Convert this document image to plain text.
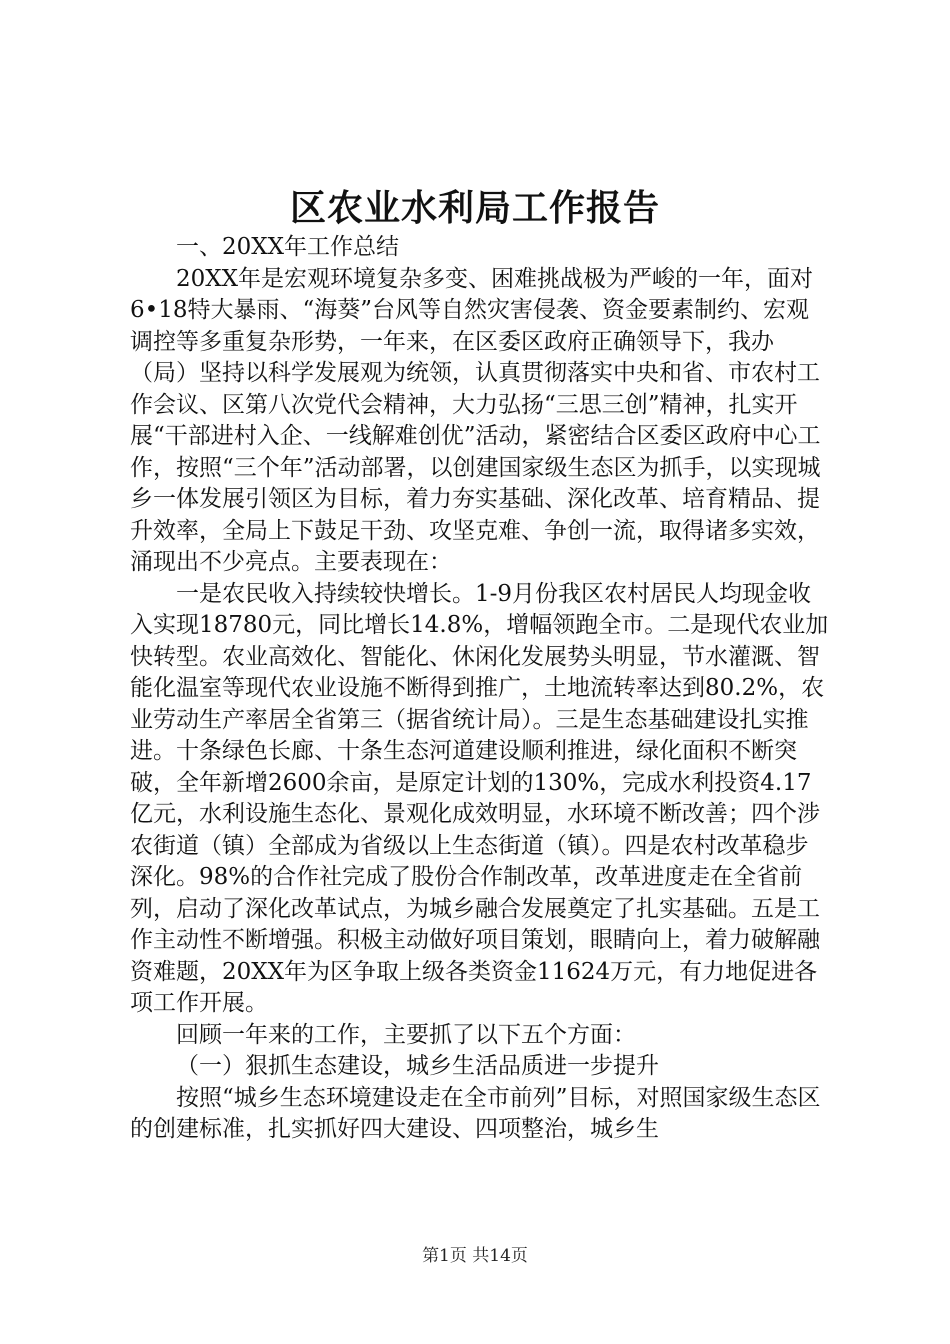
区农业水利局工作报告

一、20XX年工作总结

20XX年是宏观环境复杂多变、困难挑战极为严峻的一年，面对6•18特大暴雨、“海葵”台风等自然灾害侵袭、资金要素制约、宏观调控等多重复杂形势，一年来，在区委区政府正确领导下，我办（局）坚持以科学发展观为统领，认真贯彻落实中央和省、市农村工作会议、区第八次党代会精神，大力弘扬“三思三创”精神，扎实开展“干部进村入企、一线解难创优”活动，紧密结合区委区政府中心工作，按照“三个年”活动部署，以创建国家级生态区为抓手，以实现城乡一体发展引领区为目标，着力夯实基础、深化改革、培育精品、提升效率，全局上下鼓足干劲、攻坚克难、争创一流，取得诸多实效，涌现出不少亮点。主要表现在：

一是农民收入持续较快增长。1-9月份我区农村居民人均现金收入实现18780元，同比增长14.8%，增幅领跑全市。二是现代农业加快转型。农业高效化、智能化、休闲化发展势头明显，节水灌溉、智能化温室等现代农业设施不断得到推广，土地流转率达到80.2%，农业劳动生产率居全省第三（据省统计局）。三是生态基础建设扎实推进。十条绿色长廊、十条生态河道建设顺利推进，绿化面积不断突破，全年新增2600余亩，是原定计划的130%，完成水利投资4.17亿元，水利设施生态化、景观化成效明显，水环境不断改善；四个涉农街道（镇）全部成为省级以上生态街道（镇）。四是农村改革稳步深化。98%的合作社完成了股份合作制改革，改革进度走在全省前列，启动了深化改革试点，为城乡融合发展奠定了扎实基础。五是工作主动性不断增强。积极主动做好项目策划，眼睛向上，着力破解融资难题，20XX年为区争取上级各类资金11624万元，有力地促进各项工作开展。

回顾一年来的工作，主要抓了以下五个方面：

（一）狠抓生态建设，城乡生活品质进一步提升

按照“城乡生态环境建设走在全市前列”目标，对照国家级生态区的创建标准，扎实抓好四大建设、四项整治，城乡生

第1页 共14页
